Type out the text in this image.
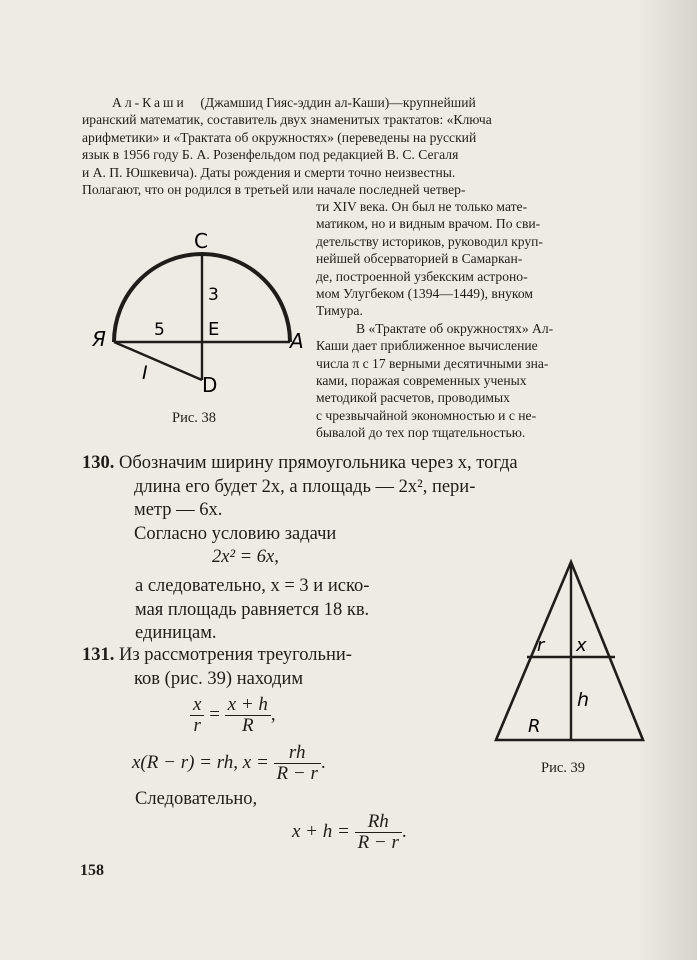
Ал-Каши (Джамшид Гияс-эддин ал-Каши)—крупнейший
иранский математик, составитель двух знаменитых трактатов: «Ключа
арифметики» и «Трактата об окружностях» (переведены на русский
язык в 1956 году Б. А. Розенфельдом под редакцией В. С. Сегаля
и А. П. Юшкевича). Даты рождения и смерти точно неизвестны.
Полагают, что он родился в третьей или начале последней четвер-
ти XIV века. Он был не только мате-
матиком, но и видным врачом. По сви-
детельству историков, руководил круп-
нейшей обсерваторией в Самаркан-
де, построенной узбекским астроно-
мом Улугбеком (1394—1449), внуком
Тимура.
В «Трактате об окружностях» Ал-
Каши дает приближенное вычисление
числа π с 17 верными десятичными зна-
ками, поражая современных ученых
методикой расчетов, проводимых
с чрезвычайной экономностью и с не-
бывалой до тех пор тщательностью.
C
E	A
Я
D
3
5
I
Рис. 38
130. Обозначим ширину прямоугольника через x, тогда
длина его будет 2x, а площадь — 2x², пери-
метр — 6x.
Согласно условию задачи
2x² = 6x,
а следовательно, x = 3 и иско-
мая площадь равняется 18 кв.
единицам.
131. Из рассмотрения треугольни-
ков (рис. 39) находим
$\frac{x}{r} = \frac{x + h}{R}$ ,
x(R − r) = rh, $x = \frac{rh}{R - r}$ .
Следовательно,
$x + h = \frac{Rh}{R - r}$ .
r x
h
R
Рис. 39
158
